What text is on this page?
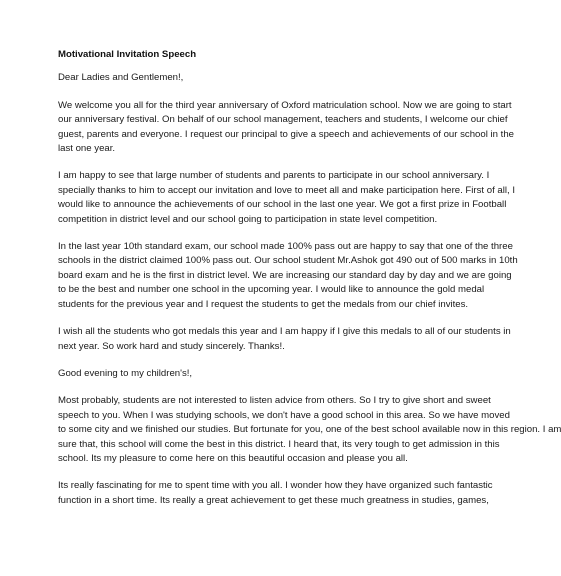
Motivational Invitation Speech
Dear Ladies and Gentlemen!,
We welcome you all for the third year anniversary of Oxford matriculation school. Now we are going to start
our anniversary festival. On behalf of our school management, teachers and students, I welcome our chief
guest, parents and everyone. I request our principal to give a speech and achievements of our school in the
last one year.
I am happy to see that large number of students and parents to participate in our school anniversary. I
specially thanks to him to accept our invitation and love to meet all and make participation here. First of all, I
would like to announce the achievements of our school in the last one year. We got a first prize in Football
competition in district level and our school going to participation in state level competition.
In the last year 10th standard exam, our school made 100% pass out are happy to say that one of the three
schools in the district claimed 100% pass out. Our school student Mr.Ashok got 490 out of 500 marks in 10th
board exam and he is the first in district level. We are increasing our standard day by day and we are going
to be the best and number one school in the upcoming year. I would like to announce the gold medal
students for the previous year and I request the students to get the medals from our chief invites.
I wish all the students who got medals this year and I am happy if I give this medals to all of our students in
next year. So work hard and study sincerely. Thanks!.
Good evening to my children's!,
Most probably, students are not interested to listen advice from others. So I try to give short and sweet
speech to you. When I was studying schools, we don't have a good school in this area. So we have moved
to some city and we finished our studies. But fortunate for you, one of the best school available now in this region. I am
sure that, this school will come the best in this district. I heard that, its very tough to get admission in this
school. Its my pleasure to come here on this beautiful occasion and please you all.
Its really fascinating for me to spent time with you all. I wonder how they have organized such fantastic
function in a short time. Its really a great achievement to get these much greatness in studies, games,
